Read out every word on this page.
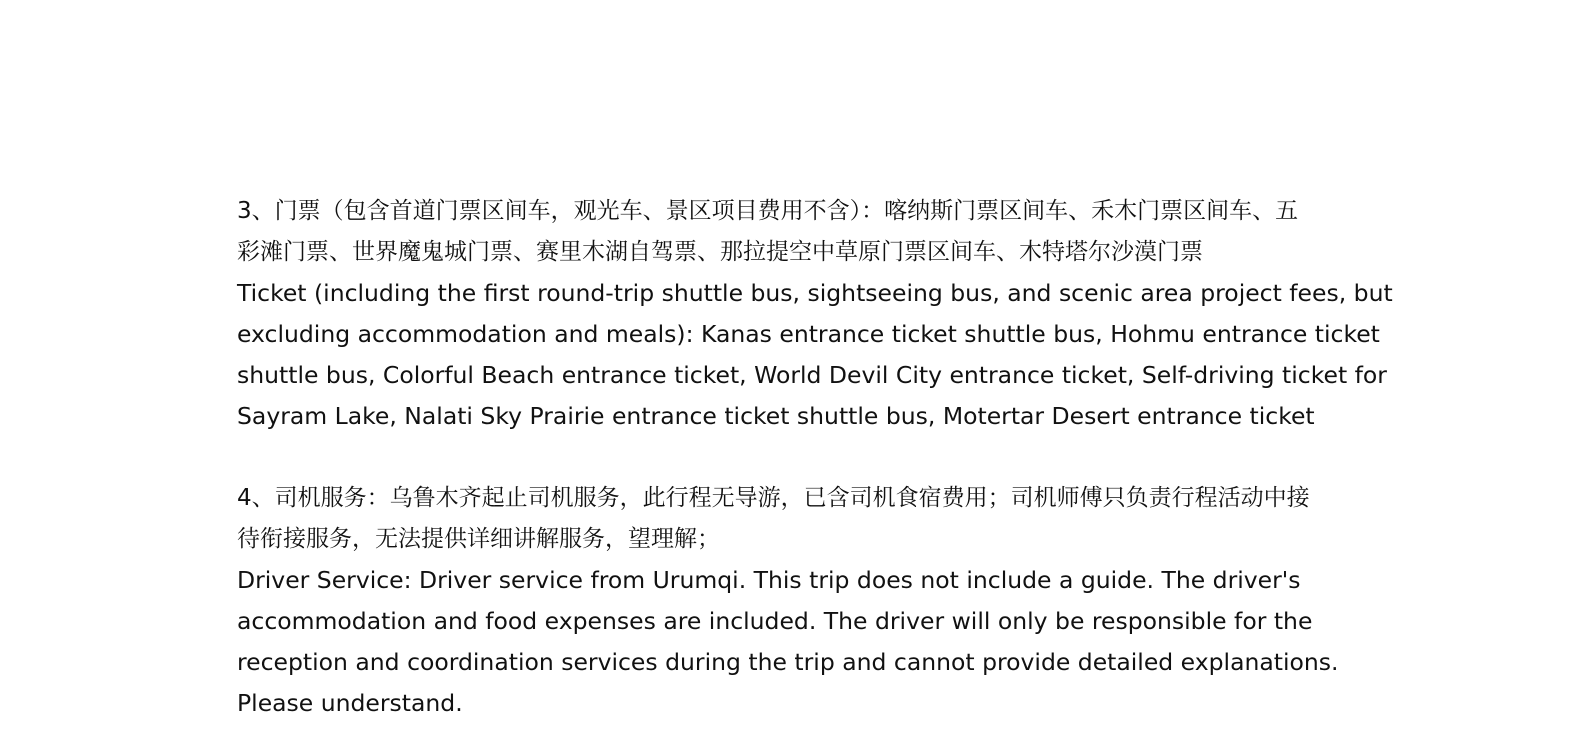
3、门票（包含首道门票区间车，观光车、景区项目费用不含）：喀纳斯门票区间车、禾木门票区间车、五
彩滩门票、世界魔鬼城门票、赛里木湖自驾票、那拉提空中草原门票区间车、木特塔尔沙漠门票
Ticket (including the first round-trip shuttle bus, sightseeing bus, and scenic area project fees, but
excluding accommodation and meals): Kanas entrance ticket shuttle bus, Hohmu entrance ticket
shuttle bus, Colorful Beach entrance ticket, World Devil City entrance ticket, Self-driving ticket for
Sayram Lake, Nalati Sky Prairie entrance ticket shuttle bus, Motertar Desert entrance ticket
4、司机服务：乌鲁木齐起止司机服务，此行程无导游，已含司机食宿费用；司机师傅只负责行程活动中接
待衔接服务，无法提供详细讲解服务，望理解；
Driver Service: Driver service from Urumqi. This trip does not include a guide. The driver's
accommodation and food expenses are included. The driver will only be responsible for the
reception and coordination services during the trip and cannot provide detailed explanations.
Please understand.
